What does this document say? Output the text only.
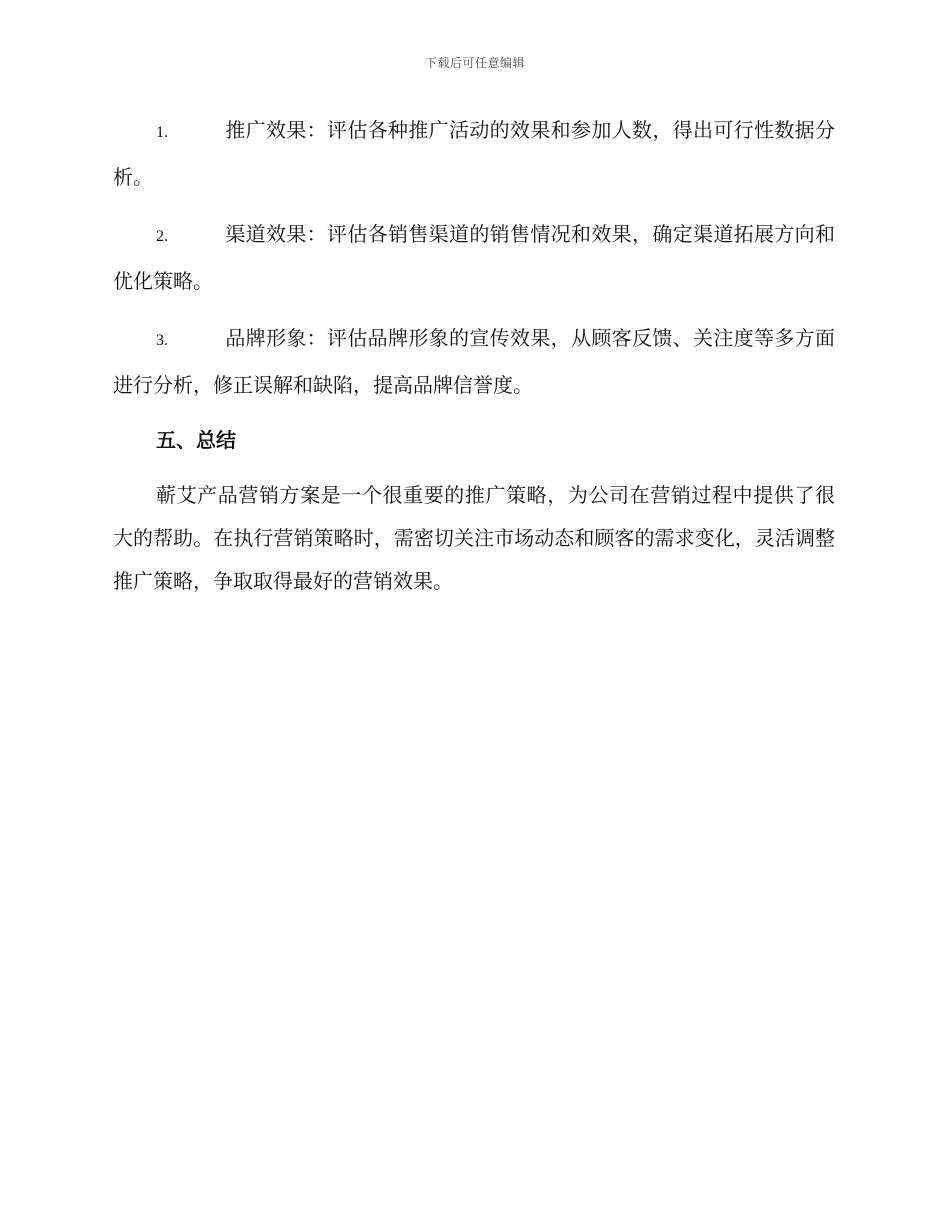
下载后可任意编辑

1.	推广效果：评估各种推广活动的效果和参加人数，得出可行性数据分析。

2.	渠道效果：评估各销售渠道的销售情况和效果，确定渠道拓展方向和优化策略。

3.	品牌形象：评估品牌形象的宣传效果，从顾客反馈、关注度等多方面进行分析，修正误解和缺陷，提高品牌信誉度。

五、总结

蕲艾产品营销方案是一个很重要的推广策略，为公司在营销过程中提供了很大的帮助。在执行营销策略时，需密切关注市场动态和顾客的需求变化，灵活调整推广策略，争取取得最好的营销效果。
